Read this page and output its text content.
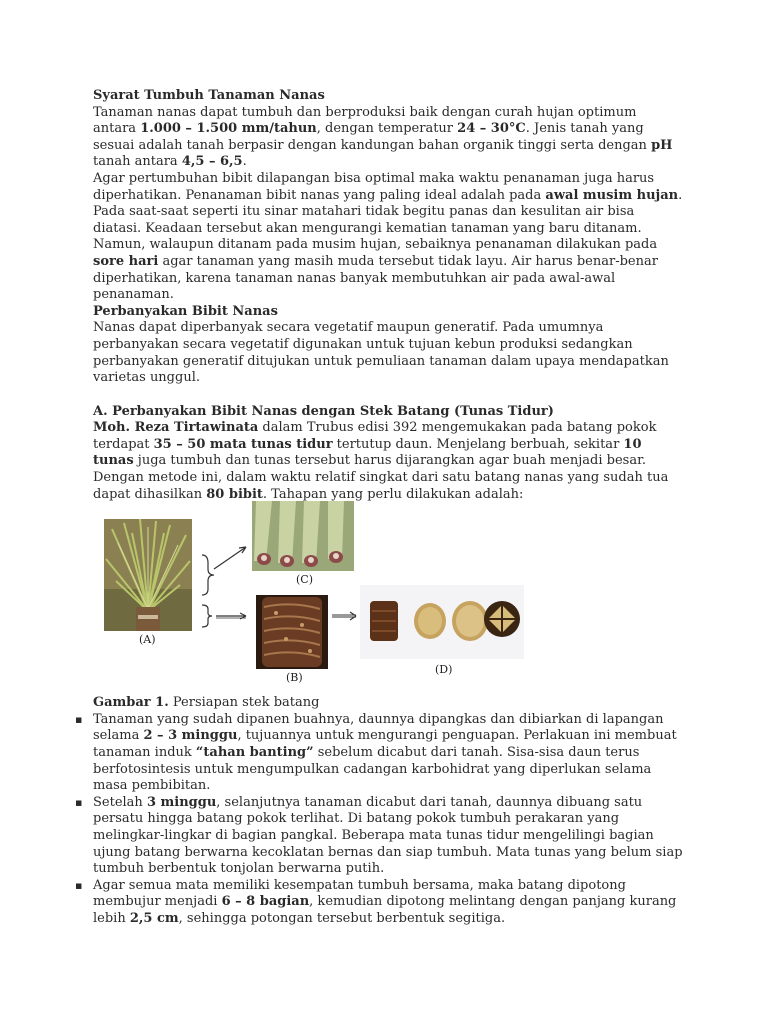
Syarat Tumbuh Tanaman Nanas

Tanaman nanas dapat tumbuh dan berproduksi baik dengan curah hujan optimum antara 1.000 – 1.500 mm/tahun, dengan temperatur 24 – 30°C. Jenis tanah yang sesuai adalah tanah berpasir dengan kandungan bahan organik tinggi serta dengan pH tanah antara 4,5 – 6,5.

Agar pertumbuhan bibit dilapangan bisa optimal maka waktu penanaman juga harus diperhatikan. Penanaman bibit nanas yang paling ideal adalah pada awal musim hujan. Pada saat-saat seperti itu sinar matahari tidak begitu panas dan kesulitan air bisa diatasi. Keadaan tersebut akan mengurangi kematian tanaman yang baru ditanam. Namun, walaupun ditanam pada musim hujan, sebaiknya penanaman dilakukan pada sore hari agar tanaman yang masih muda tersebut tidak layu. Air harus benar-benar diperhatikan, karena tanaman nanas banyak membutuhkan air pada awal-awal penanaman.

Perbanyakan Bibit Nanas

Nanas dapat diperbanyak secara vegetatif maupun generatif. Pada umumnya perbanyakan secara vegetatif digunakan untuk tujuan kebun produksi sedangkan perbanyakan generatif ditujukan untuk pemuliaan tanaman dalam upaya mendapatkan varietas unggul.

A. Perbanyakan Bibit Nanas dengan Stek Batang (Tunas Tidur)

Moh. Reza Tirtawinata dalam Trubus edisi 392 mengemukakan pada batang pokok terdapat 35 – 50 mata tunas tidur tertutup daun. Menjelang berbuah, sekitar 10 tunas juga tumbuh dan tunas tersebut harus dijarangkan agar buah menjadi besar. Dengan metode ini, dalam waktu relatif singkat dari satu batang nanas yang sudah tua dapat dihasilkan 80 bibit. Tahapan yang perlu dilakukan adalah:

(A)
(C)
(B)
(D)

Gambar 1. Persiapan stek batang

▪ Tanaman yang sudah dipanen buahnya, daunnya dipangkas dan dibiarkan di lapangan selama 2 – 3 minggu, tujuannya untuk mengurangi penguapan. Perlakuan ini membuat tanaman induk “tahan banting” sebelum dicabut dari tanah. Sisa-sisa daun terus berfotosintesis untuk mengumpulkan cadangan karbohidrat yang diperlukan selama masa pembibitan.
▪ Setelah 3 minggu, selanjutnya tanaman dicabut dari tanah, daunnya dibuang satu persatu hingga batang pokok terlihat. Di batang pokok tumbuh perakaran yang melingkar-lingkar di bagian pangkal. Beberapa mata tunas tidur mengelilingi bagian ujung batang berwarna kecoklatan bernas dan siap tumbuh. Mata tunas yang belum siap tumbuh berbentuk tonjolan berwarna putih.
▪ Agar semua mata memiliki kesempatan tumbuh bersama, maka batang dipotong membujur menjadi 6 – 8 bagian, kemudian dipotong melintang dengan panjang kurang lebih 2,5 cm, sehingga potongan tersebut berbentuk segitiga.
